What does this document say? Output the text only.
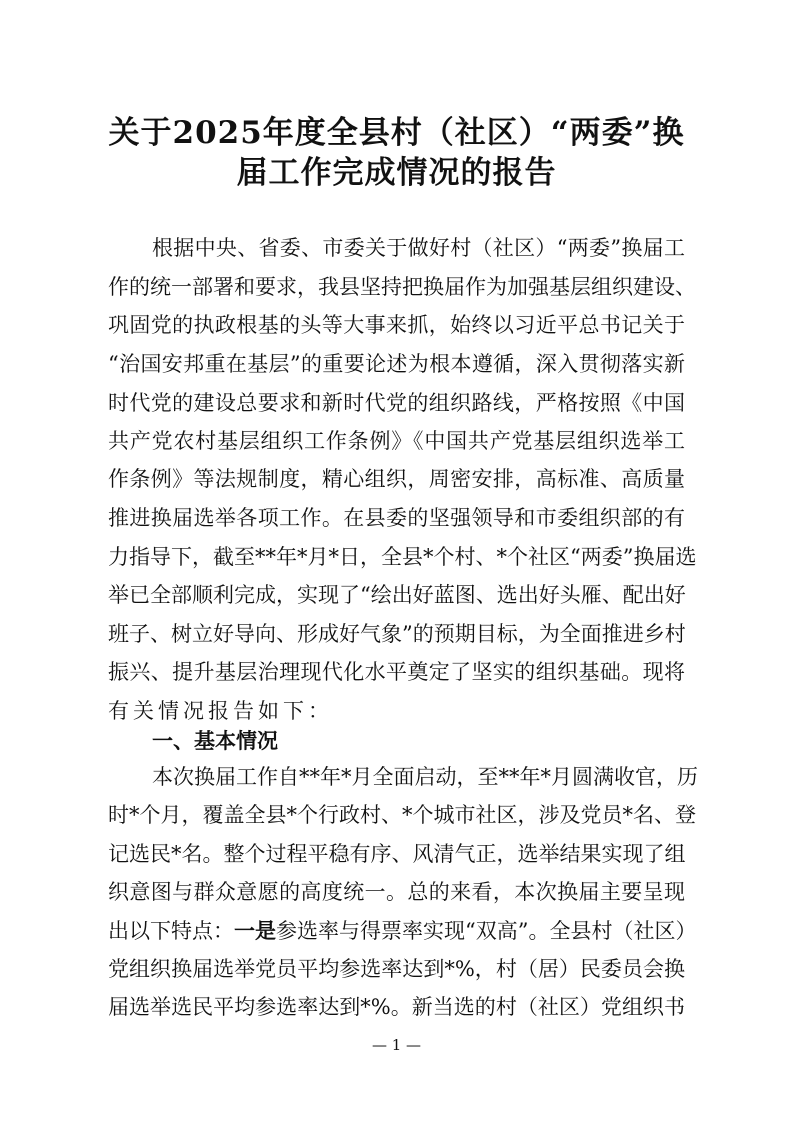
关于2025年度全县村（社区）“两委”换
届工作完成情况的报告
根据中央、省委、市委关于做好村（社区）“两委”换届工
作的统一部署和要求，我县坚持把换届作为加强基层组织建设、
巩固党的执政根基的头等大事来抓，始终以习近平总书记关于
“治国安邦重在基层”的重要论述为根本遵循，深入贯彻落实新
时代党的建设总要求和新时代党的组织路线，严格按照《中国
共产党农村基层组织工作条例》《中国共产党基层组织选举工
作条例》等法规制度，精心组织，周密安排，高标准、高质量
推进换届选举各项工作。在县委的坚强领导和市委组织部的有
力指导下，截至**年*月*日，全县*个村、*个社区“两委”换届选
举已全部顺利完成，实现了“绘出好蓝图、选出好头雁、配出好
班子、树立好导向、形成好气象”的预期目标，为全面推进乡村
振兴、提升基层治理现代化水平奠定了坚实的组织基础。现将
有关情况报告如下：
一、基本情况
本次换届工作自**年*月全面启动，至**年*月圆满收官，历
时*个月，覆盖全县*个行政村、*个城市社区，涉及党员*名、登
记选民*名。整个过程平稳有序、风清气正，选举结果实现了组
织意图与群众意愿的高度统一。总的来看，本次换届主要呈现
出以下特点：一是参选率与得票率实现“双高”。全县村（社区）
党组织换届选举党员平均参选率达到*%，村（居）民委员会换
届选举选民平均参选率达到*%。新当选的村（社区）党组织书
— 1 —
